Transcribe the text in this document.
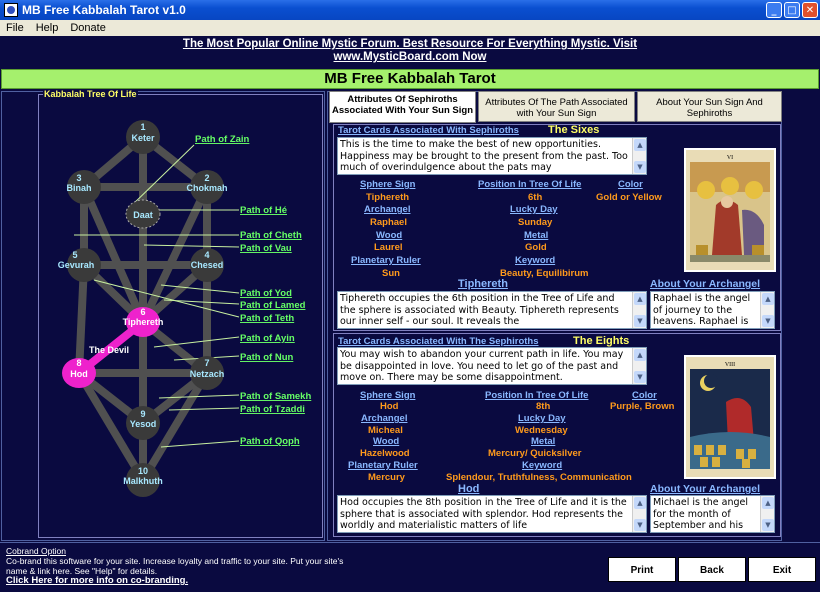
MB Free Kabbalah Tarot v1.0	_	□ ✕
File	Help	Donate
The Most Popular Online Mystic Forum. Best Resource For Everything Mystic. Visit
www.MysticBoard.com Now
MB Free Kabbalah Tarot
Kabbalah Tree Of Life
1
Keter
3
Binah
2
Chokmah
Daat
5
Gevurah
4
Chesed
6
Tiphereth
8
Hod
7
Netzach
9
Yesod
10
Malkhuth
The Devil
Path of Zain
Path of Hé
Path of Cheth
Path of Vau
Path of Yod
Path of Lamed
Path of Teth
Path of Ayin
Path of Nun
Path of Samekh
Path of Tzaddi
Path of Qoph
Attributes Of Sephiroths Associated With Your Sun Sign
Attributes Of The Path Associated with Your Sun Sign
About Your Sun Sign And Sephiroths
Tarot Cards Associated With Sephiroths	The Sixes
This is the time to make the best of new opportunities. Happiness may be brought to the present from the past. Too much of overindulgence about the pats may
▲
▼
VI
Sphere Sign	Position In Tree Of Life	Color
Tiphereth	6th	Gold or Yellow
Archangel	Lucky Day
Raphael	Sunday
Wood	Metal
Laurel	Gold
Planetary Ruler	Keyword
Sun	Beauty, Equilibirum
Tiphereth	About Your Archangel
Tiphereth occupies the 6th position in the Tree of Life and the sphere is associated with Beauty. Tiphereth represents our inner self - our soul. It reveals the
▲
▼
Raphael is the angel of journey to the heavens. Raphael is
▲
▼
Tarot Cards Associated With The Sephiroths	The Eights
You may wish to abandon your current path in life. You may be disappointed in love. You need to let go of the past and move on. There may be some disappointment.
▲
▼
VIII
Sphere Sign	Position In Tree Of Life	Color
Hod	8th	Purple, Brown
Archangel	Lucky Day
Micheal	Wednesday
Wood	Metal
Hazelwood	Mercury/ Quicksilver
Planetary Ruler	Keyword
Mercury	Splendour, Truthfulness, Communication
Hod	About Your Archangel
Hod occupies the 8th position in the Tree of Life and it is the sphere that is associated with splendor. Hod represents the worldly and materialistic matters of life
▲
▼
Michael is the angel for the month of September and his
▲
▼
Cobrand Option
Co-brand this software for your site. Increase loyalty and traffic to your site. Put your site's name & link here. See "Help" for details.
Click Here for more info on co-branding.
Print	Back	Exit
